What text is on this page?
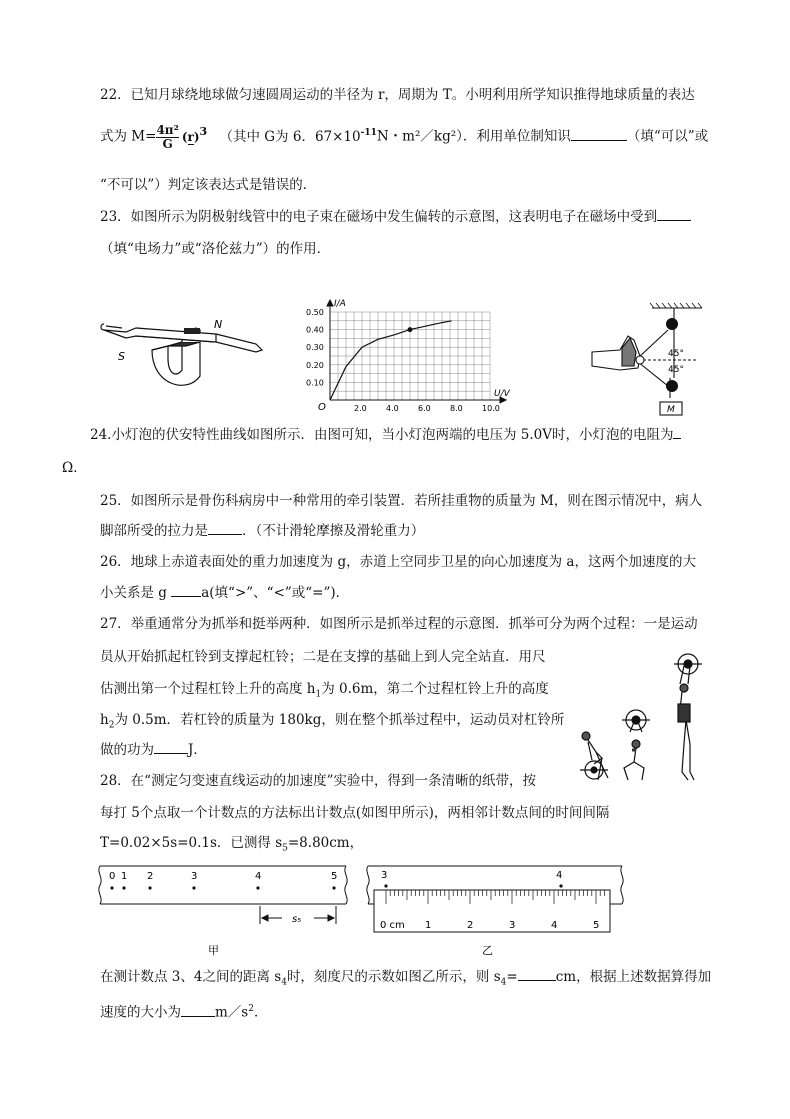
22．已知月球绕地球做匀速圆周运动的半径为 r，周期为 T。小明利用所学知识推得地球质量的表达
式为 $M= \frac{\text{4π²}}{G} (r)^3$ （其中 G为 6．$67\times 10^{-11}N$・m²／kg²）．利用单位制知识	（填“可以”或
“不可以”）判定该表达式是错误的．
23．如图所示为阴极射线管中的电子束在磁场中发生偏转的示意图，这表明电子在磁场中受到
（填“电场力”或“洛伦兹力”）的作用．
N
S
2.0 4.0 6.0 8.0 10.0
0.10
0.20
0.30
0.40
0.50
I/A
U/V
O
45°
45°
M
24.小灯泡的伏安特性曲线如图所示．由图可知，当小灯泡两端的电压为 5.0V时，小灯泡的电阻为
Ω．
25．如图所示是骨伤科病房中一种常用的牵引装置．若所挂重物的质量为 M，则在图示情况中，病人
脚部所受的拉力是	．（不计滑轮摩擦及滑轮重力）
26．地球上赤道表面处的重力加速度为 g，赤道上空同步卫星的向心加速度为 a，这两个加速度的大
小关系是 g a(填“>”、“<”或“=”)．
27．举重通常分为抓举和挺举两种．如图所示是抓举过程的示意图．抓举可分为两个过程：一是运动
员从开始抓起杠铃到支撑起杠铃；二是在支撑的基础上到人完全站直．用尺
估测出第一个过程杠铃上升的高度 $h_1$为 0.6m，第二个过程杠铃上升的高度
$h_2$为 0.5m．若杠铃的质量为 180kg，则在整个抓举过程中，运动员对杠铃所
做的功为	J．
28．在“测定匀变速直线运动的加速度”实验中，得到一条清晰的纸带，按
每打 5个点取一个计数点的方法标出计数点(如图甲所示)，两相邻计数点间的时间间隔
T=0.02×5s=0.1s．已测得 $s_5=8.80cm$，
0 1 2	3	4	5
s₅
甲
1	2	3	4	5
3	4
0 cm
乙
在测计数点 3、4之间的距离 $s_4$时，刻度尺的示数如图乙所示，则 $s_4=$	cm，根据上述数据算得加
速度的大小为	$m/s^2$．
